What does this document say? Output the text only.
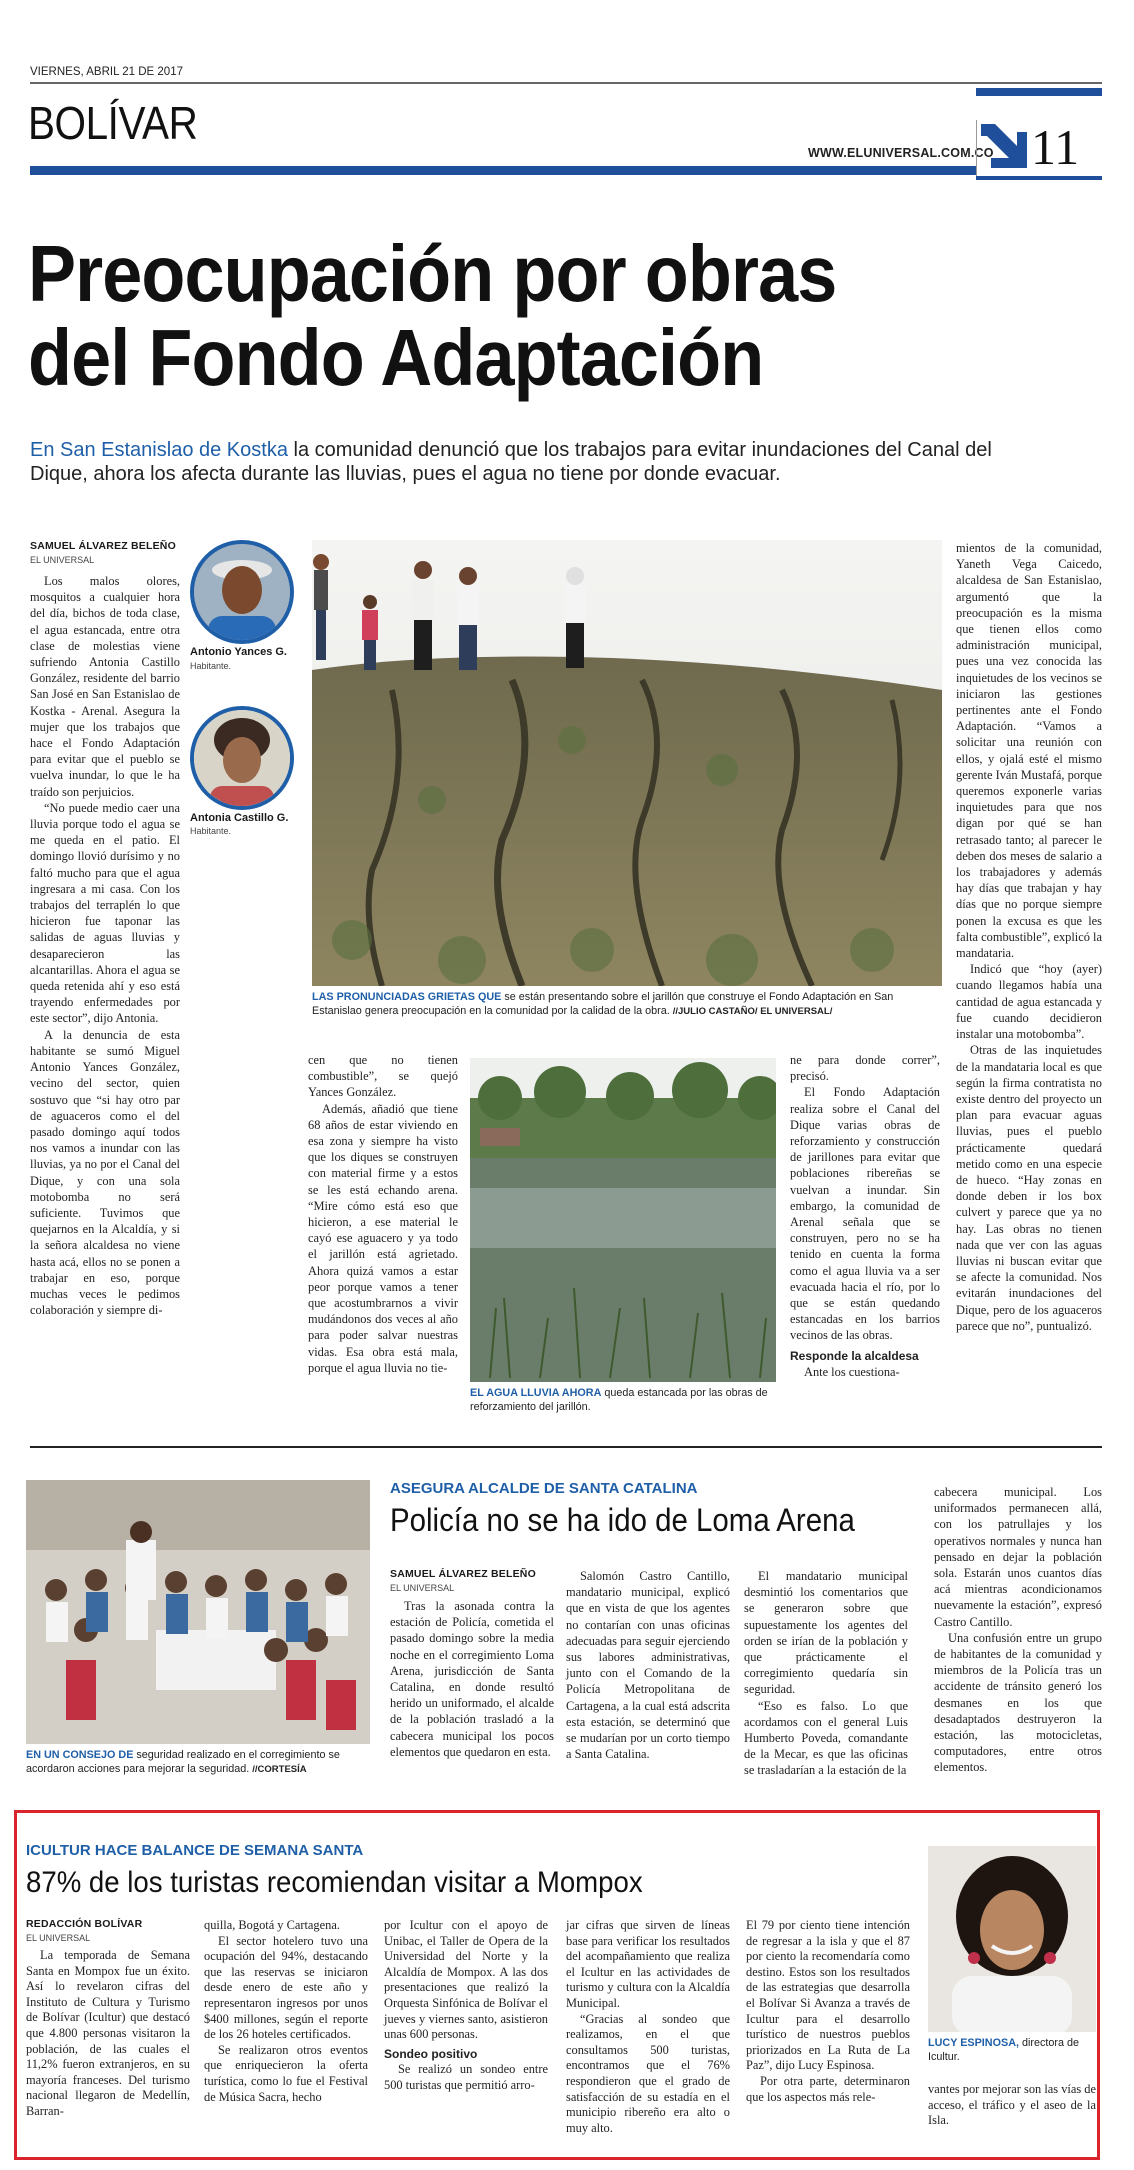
VIERNES, ABRIL 21 DE 2017
BOLÍVAR
WWW.ELUNIVERSAL.COM.CO 11
Preocupación por obras
del Fondo Adaptación
En San Estanislao de Kostka la comunidad denunció que los trabajos para evitar inundaciones del Canal del Dique, ahora los afecta durante las lluvias, pues el agua no tiene por donde evacuar.
SAMUEL ÁLVAREZ BELEÑO
EL UNIVERSAL
Antonio Yances G.
Habitante.
Antonia Castillo G.
Habitante.
LAS PRONUNCIADAS GRIETAS QUE se están presentando sobre el jarillón que construye el Fondo Adaptación en San Estanislao genera preocupación en la comunidad por la calidad de la obra. //JULIO CASTAÑO/ EL UNIVERSAL/

Los malos olores, mosquitos a cualquier hora del día, bichos de toda clase, el agua estancada, entre otra clase de molestias viene sufriendo Antonia Castillo González, residente del barrio San José en San Estanislao de Kostka - Arenal. Asegura la mujer que los trabajos que hace el Fondo Adaptación para evitar que el pueblo se vuelva inundar, lo que le ha traído son perjuicios.

“No puede medio caer una lluvia porque todo el agua se me queda en el patio. El domingo llovió durísimo y no faltó mucho para que el agua ingresara a mi casa. Con los trabajos del terraplén lo que hicieron fue taponar las salidas de aguas lluvias y desaparecieron las alcantarillas. Ahora el agua se queda retenida ahí y eso está trayendo enfermedades por este sector”, dijo Antonia.

A la denuncia de esta habitante se sumó Miguel Antonio Yances González, vecino del sector, quien sostuvo que “si hay otro par de aguaceros como el del pasado domingo aquí todos nos vamos a inundar con las lluvias, ya no por el Canal del Dique, y con una sola motobomba no será suficiente. Tuvimos que quejarnos en la Alcaldía, y si la señora alcaldesa no viene hasta acá, ellos no se ponen a trabajar en eso, porque muchas veces le pedimos colaboración y siempre di-

cen que no tienen combustible”, se quejó Yances González.

Además, añadió que tiene 68 años de estar viviendo en esa zona y siempre ha visto que los diques se construyen con material firme y a estos se les está echando arena. “Mire cómo está eso que hicieron, a ese material le cayó ese aguacero y ya todo el jarillón está agrietado. Ahora quizá vamos a estar peor porque vamos a tener que acostumbrarnos a vivir mudándonos dos veces al año para poder salvar nuestras vidas. Esa obra está mala, porque el agua lluvia no tie-

EL AGUA LLUVIA AHORA queda estancada por las obras de reforzamiento del jarillón.

ne para donde correr”, precisó.

El Fondo Adaptación realiza sobre el Canal del Dique varias obras de reforzamiento y construcción de jarillones para evitar que poblaciones ribereñas se vuelvan a inundar. Sin embargo, la comunidad de Arenal señala que se construyen, pero no se ha tenido en cuenta la forma como el agua lluvia va a ser evacuada hacia el río, por lo que se están quedando estancadas en los barrios vecinos de las obras.

Responde la alcaldesa

Ante los cuestiona-

mientos de la comunidad, Yaneth Vega Caicedo, alcaldesa de San Estanislao, argumentó que la preocupación es la misma que tienen ellos como administración municipal, pues una vez conocida las inquietudes de los vecinos se iniciaron las gestiones pertinentes ante el Fondo Adaptación. “Vamos a solicitar una reunión con ellos, y ojalá esté el mismo gerente Iván Mustafá, porque queremos exponerle varias inquietudes para que nos digan por qué se han retrasado tanto; al parecer le deben dos meses de salario a los trabajadores y además hay días que trabajan y hay días que no porque siempre ponen la excusa es que les falta combustible”, explicó la mandataria.

Indicó que “hoy (ayer) cuando llegamos había una cantidad de agua estancada y fue cuando decidieron instalar una motobomba”.

Otras de las inquietudes de la mandataria local es que según la firma contratista no existe dentro del proyecto un plan para evacuar aguas lluvias, pues el pueblo prácticamente quedará metido como en una especie de hueco. “Hay zonas en donde deben ir los box culvert y parece que ya no hay. Las obras no tienen nada que ver con las aguas lluvias ni buscan evitar que se afecte la comunidad. Nos evitarán inundaciones del Dique, pero de los aguaceros parece que no”, puntualizó.

EN UN CONSEJO DE seguridad realizado en el corregimiento se acordaron acciones para mejorar la seguridad. //CORTESÍA
ASEGURA ALCALDE DE SANTA CATALINA
Policía no se ha ido de Loma Arena
SAMUEL ÁLVAREZ BELEÑO
EL UNIVERSAL

Tras la asonada contra la estación de Policía, cometida el pasado domingo sobre la media noche en el corregimiento Loma Arena, jurisdicción de Santa Catalina, en donde resultó herido un uniformado, el alcalde de la población trasladó a la cabecera municipal los pocos elementos que quedaron en esta.

Salomón Castro Cantillo, mandatario municipal, explicó que en vista de que los agentes no contarían con unas oficinas adecuadas para seguir ejerciendo sus labores administrativas, junto con el Comando de la Policía Metropolitana de Cartagena, a la cual está adscrita esta estación, se determinó que se mudarían por un corto tiempo a Santa Catalina.

El mandatario municipal desmintió los comentarios que se generaron sobre que supuestamente los agentes del orden se irían de la población y que prácticamente el corregimiento quedaría sin seguridad.

“Eso es falso. Lo que acordamos con el general Luis Humberto Poveda, comandante de la Mecar, es que las oficinas se trasladarían a la estación de la

cabecera municipal. Los uniformados permanecen allá, con los patrullajes y los operativos normales y nunca han pensado en dejar la población sola. Estarán unos cuantos días acá mientras acondicionamos nuevamente la estación”, expresó Castro Cantillo.

Una confusión entre un grupo de habitantes de la comunidad y miembros de la Policía tras un accidente de tránsito generó los desmanes en los que desadaptados destruyeron la estación, las motocicletas, computadores, entre otros elementos.

ICULTUR HACE BALANCE DE SEMANA SANTA
87% de los turistas recomiendan visitar a Mompox
REDACCIÓN BOLÍVAR
EL UNIVERSAL

La temporada de Semana Santa en Mompox fue un éxito. Así lo revelaron cifras del Instituto de Cultura y Turismo de Bolívar (Icultur) que destacó que 4.800 personas visitaron la población, de las cuales el 11,2% fueron extranjeros, en su mayoría franceses. Del turismo nacional llegaron de Medellín, Barran-

quilla, Bogotá y Cartagena.

El sector hotelero tuvo una ocupación del 94%, destacando que las reservas se iniciaron desde enero de este año y representaron ingresos por unos $400 millones, según el reporte de los 26 hoteles certificados.

Se realizaron otros eventos que enriquecieron la oferta turística, como lo fue el Festival de Música Sacra, hecho

por Icultur con el apoyo de Unibac, el Taller de Opera de la Universidad del Norte y la Alcaldía de Mompox. A las dos presentaciones que realizó la Orquesta Sinfónica de Bolívar el jueves y viernes santo, asistieron unas 600 personas.

Sondeo positivo

Se realizó un sondeo entre 500 turistas que permitió arro-

jar cifras que sirven de líneas base para verificar los resultados del acompañamiento que realiza el Icultur en las actividades de turismo y cultura con la Alcaldía Municipal.

“Gracias al sondeo que realizamos, en el que consultamos 500 turistas, encontramos que el 76% respondieron que el grado de satisfacción de su estadía en el municipio ribereño era alto o muy alto.

El 79 por ciento tiene intención de regresar a la isla y que el 87 por ciento la recomendaría como destino. Estos son los resultados de las estrategias que desarrolla el Bolívar Si Avanza a través de Icultur para el desarrollo turístico de nuestros pueblos priorizados en La Ruta de La Paz”, dijo Lucy Espinosa.

Por otra parte, determinaron que los aspectos más rele-

LUCY ESPINOSA, directora de Icultur.

vantes por mejorar son las vías de acceso, el tráfico y el aseo de la Isla.
